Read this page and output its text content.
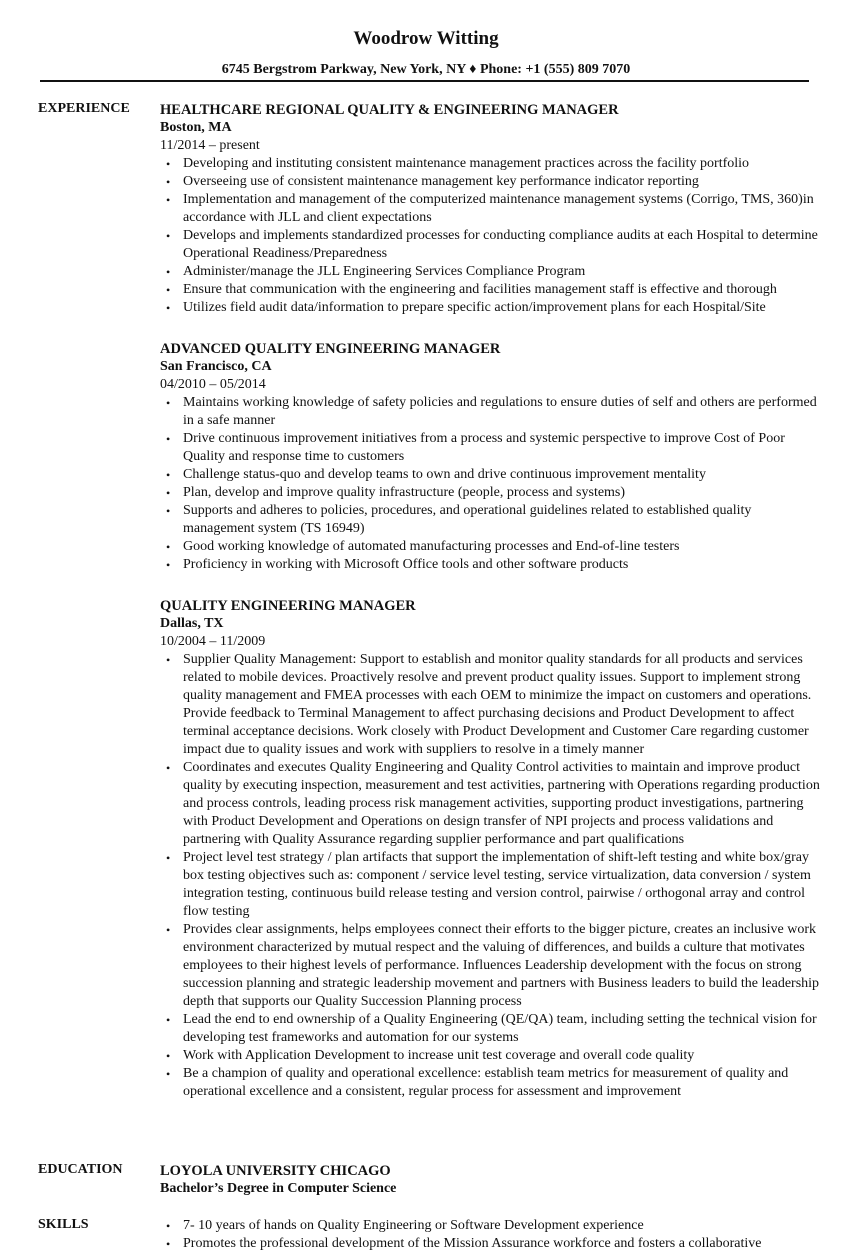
Woodrow Witting
6745 Bergstrom Parkway, New York, NY ♦ Phone: +1 (555) 809 7070
EXPERIENCE HEALTHCARE REGIONAL QUALITY & ENGINEERING MANAGER
Boston, MA
11/2014 – present
• Developing and instituting consistent maintenance management practices across the facility portfolio
• Overseeing use of consistent maintenance management key performance indicator reporting
• Implementation and management of the computerized maintenance management systems (Corrigo, TMS, 360)in accordance with JLL and client expectations
• Develops and implements standardized processes for conducting compliance audits at each Hospital to determine Operational Readiness/Preparedness
• Administer/manage the JLL Engineering Services Compliance Program
• Ensure that communication with the engineering and facilities management staff is effective and thorough
• Utilizes field audit data/information to prepare specific action/improvement plans for each Hospital/Site
ADVANCED QUALITY ENGINEERING MANAGER
San Francisco, CA
04/2010 – 05/2014
• Maintains working knowledge of safety policies and regulations to ensure duties of self and others are performed in a safe manner
• Drive continuous improvement initiatives from a process and systemic perspective to improve Cost of Poor Quality and response time to customers
• Challenge status-quo and develop teams to own and drive continuous improvement mentality
• Plan, develop and improve quality infrastructure (people, process and systems)
• Supports and adheres to policies, procedures, and operational guidelines related to established quality management system (TS 16949)
• Good working knowledge of automated manufacturing processes and End-of-line testers
• Proficiency in working with Microsoft Office tools and other software products
QUALITY ENGINEERING MANAGER
Dallas, TX
10/2004 – 11/2009
• Supplier Quality Management: Support to establish and monitor quality standards for all products and services related to mobile devices. Proactively resolve and prevent product quality issues. Support to implement strong quality management and FMEA processes with each OEM to minimize the impact on customers and operations. Provide feedback to Terminal Management to affect purchasing decisions and Product Development to affect terminal acceptance decisions. Work closely with Product Development and Customer Care regarding customer impact due to quality issues and work with suppliers to resolve in a timely manner
• Coordinates and executes Quality Engineering and Quality Control activities to maintain and improve product quality by executing inspection, measurement and test activities, partnering with Operations regarding production and process controls, leading process risk management activities, supporting product investigations, partnering with Product Development and Operations on design transfer of NPI projects and process validations and partnering with Quality Assurance regarding supplier performance and part qualifications
• Project level test strategy / plan artifacts that support the implementation of shift-left testing and white box/gray box testing objectives such as: component / service level testing, service virtualization, data conversion / system integration testing, continuous build release testing and version control, pairwise / orthogonal array and control flow testing
• Provides clear assignments, helps employees connect their efforts to the bigger picture, creates an inclusive work environment characterized by mutual respect and the valuing of differences, and builds a culture that motivates employees to their highest levels of performance. Influences Leadership development with the focus on strong succession planning and strategic leadership movement and partners with Business leaders to build the leadership depth that supports our Quality Succession Planning process
• Lead the end to end ownership of a Quality Engineering (QE/QA) team, including setting the technical vision for developing test frameworks and automation for our systems
• Work with Application Development to increase unit test coverage and overall code quality
• Be a champion of quality and operational excellence: establish team metrics for measurement of quality and operational excellence and a consistent, regular process for assessment and improvement
EDUCATION	LOYOLA UNIVERSITY CHICAGO
Bachelor’s Degree in Computer Science
SKILLS
•	7- 10 years of hands on Quality Engineering or Software Development experience
• Promotes the professional development of the Mission Assurance workforce and fosters a collaborative
